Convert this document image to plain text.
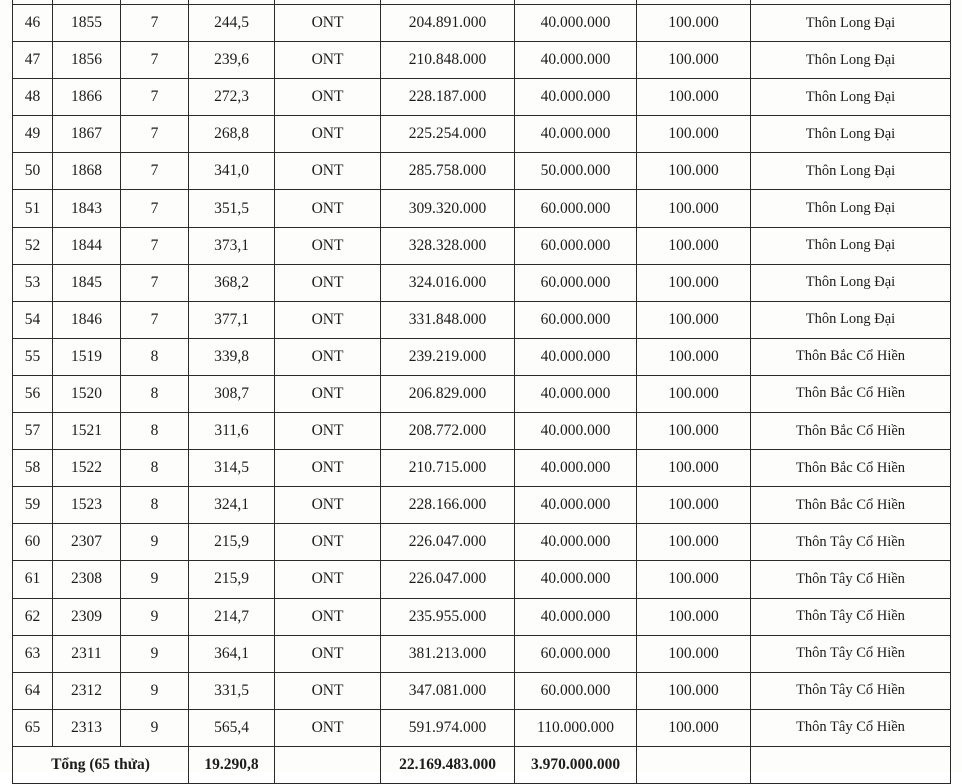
46	1855	7	244,5	ONT	204.891.000	40.000.000	100.000	Thôn Long Đại
47	1856	7	239,6	ONT	210.848.000	40.000.000	100.000	Thôn Long Đại
48	1866	7	272,3	ONT	228.187.000	40.000.000	100.000	Thôn Long Đại
49	1867	7	268,8	ONT	225.254.000	40.000.000	100.000	Thôn Long Đại
50	1868	7	341,0	ONT	285.758.000	50.000.000	100.000	Thôn Long Đại
51	1843	7	351,5	ONT	309.320.000	60.000.000	100.000	Thôn Long Đại
52	1844	7	373,1	ONT	328.328.000	60.000.000	100.000	Thôn Long Đại
53	1845	7	368,2	ONT	324.016.000	60.000.000	100.000	Thôn Long Đại
54	1846	7	377,1	ONT	331.848.000	60.000.000	100.000	Thôn Long Đại
55	1519	8	339,8	ONT	239.219.000	40.000.000	100.000	Thôn Bắc Cổ Hiền
56	1520	8	308,7	ONT	206.829.000	40.000.000	100.000	Thôn Bắc Cổ Hiền
57	1521	8	311,6	ONT	208.772.000	40.000.000	100.000	Thôn Bắc Cổ Hiền
58	1522	8	314,5	ONT	210.715.000	40.000.000	100.000	Thôn Bắc Cổ Hiền
59	1523	8	324,1	ONT	228.166.000	40.000.000	100.000	Thôn Bắc Cổ Hiền
60	2307	9	215,9	ONT	226.047.000	40.000.000	100.000	Thôn Tây Cổ Hiền
61	2308	9	215,9	ONT	226.047.000	40.000.000	100.000	Thôn Tây Cổ Hiền
62	2309	9	214,7	ONT	235.955.000	40.000.000	100.000	Thôn Tây Cổ Hiền
63	2311	9	364,1	ONT	381.213.000	60.000.000	100.000	Thôn Tây Cổ Hiền
64	2312	9	331,5	ONT	347.081.000	60.000.000	100.000	Thôn Tây Cổ Hiền
65	2313	9	565,4	ONT	591.974.000	110.000.000	100.000	Thôn Tây Cổ Hiền
Tổng (65 thửa)			19.290,8		22.169.483.000	3.970.000.000		
